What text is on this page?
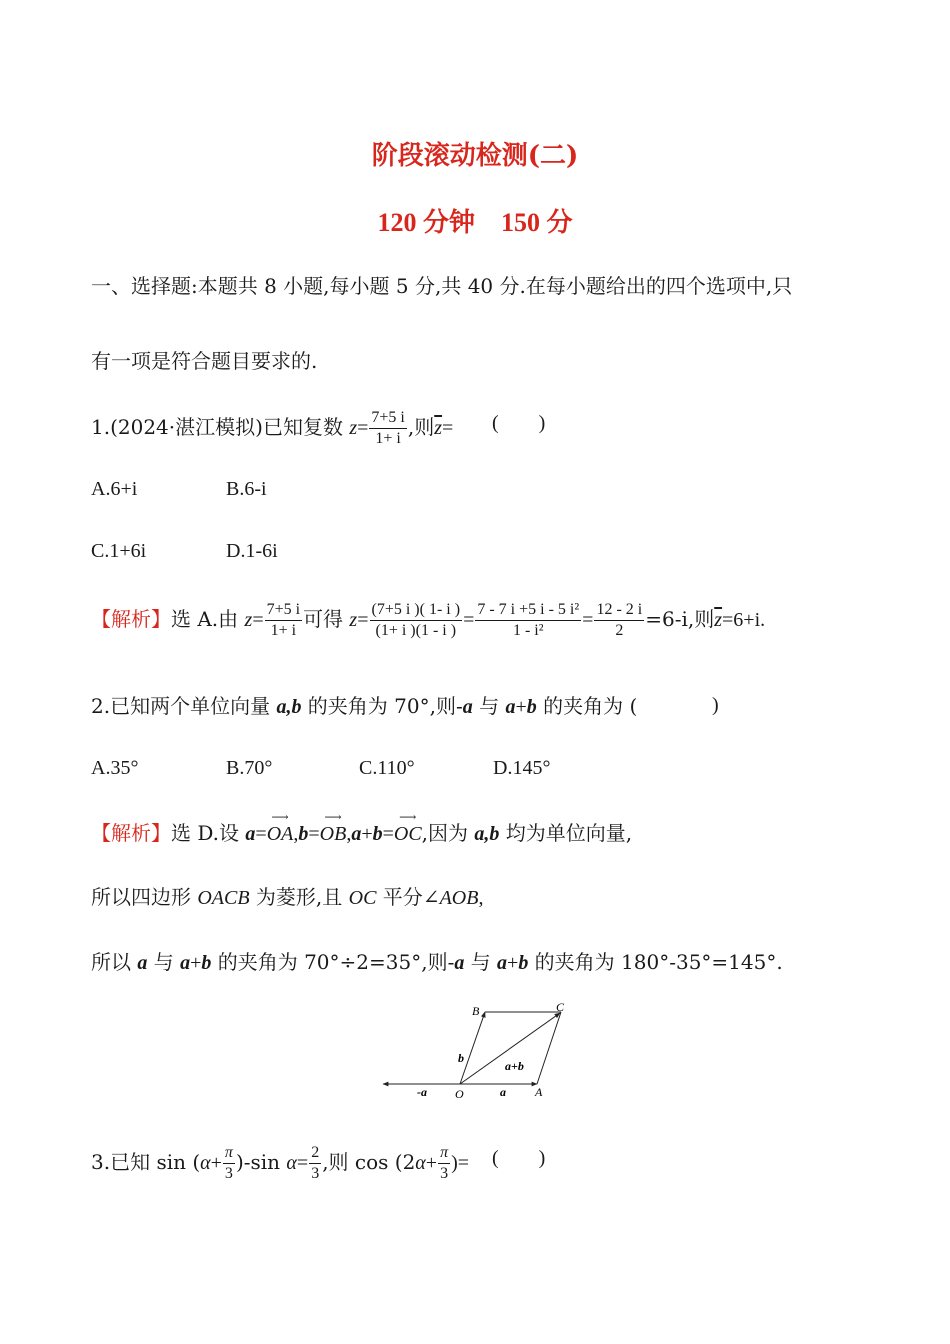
阶段滚动检测(二)
120 分钟    150 分
一、选择题:本题共 8 小题,每小题 5 分,共 40 分.在每小题给出的四个选项中,只
有一项是符合题目要求的.
1.(2024·湛江模拟)已知复数 $z= \frac{7+5 i}{1+ i}$ ,则$\overline{z}=$ (        )
A.6+i	B.6-i
C.1+6i	D.1-6i
【解析】选 A.由 $z= \frac{7+5 i}{1+ i}$ 可得 $z= \frac{(7+5 i )( 1- i )}{(1+ i )(1 - i )} = \frac{\text{7 - 7 i +5 i - 5 i²}}{\text{1 - i²}} = \frac{12 - 2 i}{2} =6-i$,则$\overline{z}=6+i$.
2.已知两个单位向量 a,b 的夹角为 70°,则-a 与 a+b 的夹角为 (	)
A.35°	B.70°	C.110°	D.145°
【解析】选 D.设 a=
⟶
OA,b=
⟶
OB,a+b=
⟶
OC,因为 a,b 均为单位向量,
所以四边形 OACB 为菱形,且 OC 平分∠AOB,
所以 a 与 a+b 的夹角为 70°÷2=35°,则-a 与 a+b 的夹角为 180°-35°=145°.
B	C
O	A
b
a+b
-a	a
3.已知 $\sin (\alpha+ \frac{\pi}{3} )-\sin$ $\alpha= \frac{2}{3}$ ,则 $\cos (2\alpha+ \frac{\pi}{3}$ )= (        )
